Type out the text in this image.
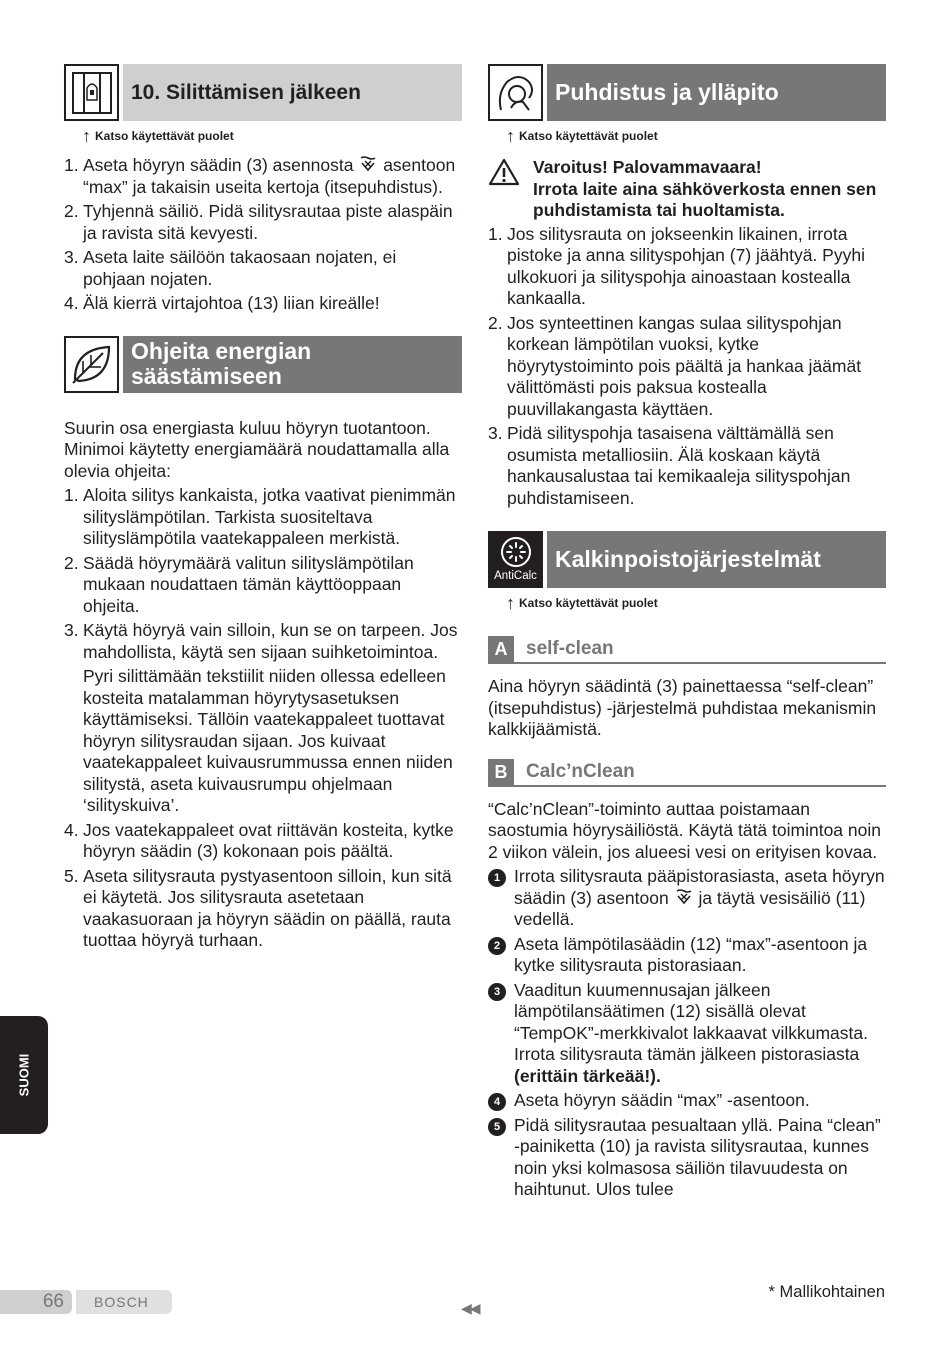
10. Silittämisen jälkeen
↑ Katso käytettävät puolet
1. Aseta höyryn säädin (3) asennosta asentoon “max” ja takaisin useita kertoja (itsepuhdistus).
2. Tyhjennä säiliö. Pidä silitysrautaa piste alaspäin ja ravista sitä kevyesti.
3. Aseta laite säilöön takaosaan nojaten, ei pohjaan nojaten.
4. Älä kierrä virtajohtoa (13) liian kireälle!
Ohjeita energian
säästämiseen

Suurin osa energiasta kuluu höyryn tuotantoon. Minimoi käytetty energiamäärä noudattamalla alla olevia ohjeita:

1. Aloita silitys kankaista, jotka vaativat pienimmän silityslämpötilan. Tarkista suositeltava silityslämpötila vaatekappaleen merkistä.
2. Säädä höyrymäärä valitun silityslämpötilan mukaan noudattaen tämän käyttöoppaan ohjeita.
3. Käytä höyryä vain silloin, kun se on tarpeen. Jos mahdollista, käytä sen sijaan suihketoimintoa.
Pyri silittämään tekstiilit niiden ollessa edelleen kosteita matalamman höyrytysasetuksen käyttämiseksi. Tällöin vaatekappaleet tuottavat höyryn silitysraudan sijaan. Jos kuivaat vaatekappaleet kuivausrummussa ennen niiden silitystä, aseta kuivausrumpu ohjelmaan ‘silityskuiva’.
4. Jos vaatekappaleet ovat riittävän kosteita, kytke höyryn säädin (3) kokonaan pois päältä.
5. Aseta silitysrauta pystyasentoon silloin, kun sitä ei käytetä. Jos silitysrauta asetetaan vaakasuoraan ja höyryn säädin on päällä, rauta tuottaa höyryä turhaan.
Puhdistus ja ylläpito
↑ Katso käytettävät puolet
Varoitus! Palovammavaara!
Irrota laite aina sähköverkosta ennen sen puhdistamista tai huoltamista.
1. Jos silitysrauta on jokseenkin likainen, irrota pistoke ja anna silityspohjan (7) jäähtyä. Pyyhi ulkokuori ja silityspohja ainoastaan kostealla kankaalla.
2. Jos synteettinen kangas sulaa silityspohjan korkean lämpötilan vuoksi, kytke höyrytystoiminto pois päältä ja hankaa jäämät välittömästi pois paksua kostealla puuvillakangasta käyttäen.
3. Pidä silityspohja tasaisena välttämällä sen osumista metalliosiin. Älä koskaan käytä hankausalustaa tai kemikaaleja silityspohjan puhdistamiseen.
AntiCalc
Kalkinpoistojärjestelmät
↑ Katso käytettävät puolet
A self-clean

Aina höyryn säädintä (3) painettaessa “self-clean” (itsepuhdistus) -järjestelmä puhdistaa mekanismin kalkkijäämistä.

B Calc’nClean

“Calc’nClean”-toiminto auttaa poistamaan saostumia höyrysäiliöstä. Käytä tätä toimintoa noin 2 viikon välein, jos alueesi vesi on erityisen kovaa.

1 Irrota silitysrauta pääpistorasiasta, aseta höyryn säädin (3) asentoon ja täytä vesisäiliö (11) vedellä.
2 Aseta lämpötilasäädin (12) “max”-asentoon ja kytke silitysrauta pistorasiaan.
3 Vaaditun kuumennusajan jälkeen lämpötilansäätimen (12) sisällä olevat “TempOK”-merkkivalot lakkaavat vilkkumasta. Irrota silitysrauta tämän jälkeen pistorasiasta (erittäin tärkeää!).
4 Aseta höyryn säädin “max” -asentoon.
5 Pidä silitysrautaa pesualtaan yllä. Paina “clean” -painiketta (10) ja ravista silitysrautaa, kunnes noin yksi kolmasosa säiliön tilavuudesta on haihtunut. Ulos tulee
SUOMI
66	BOSCH	◀◀
* Mallikohtainen
